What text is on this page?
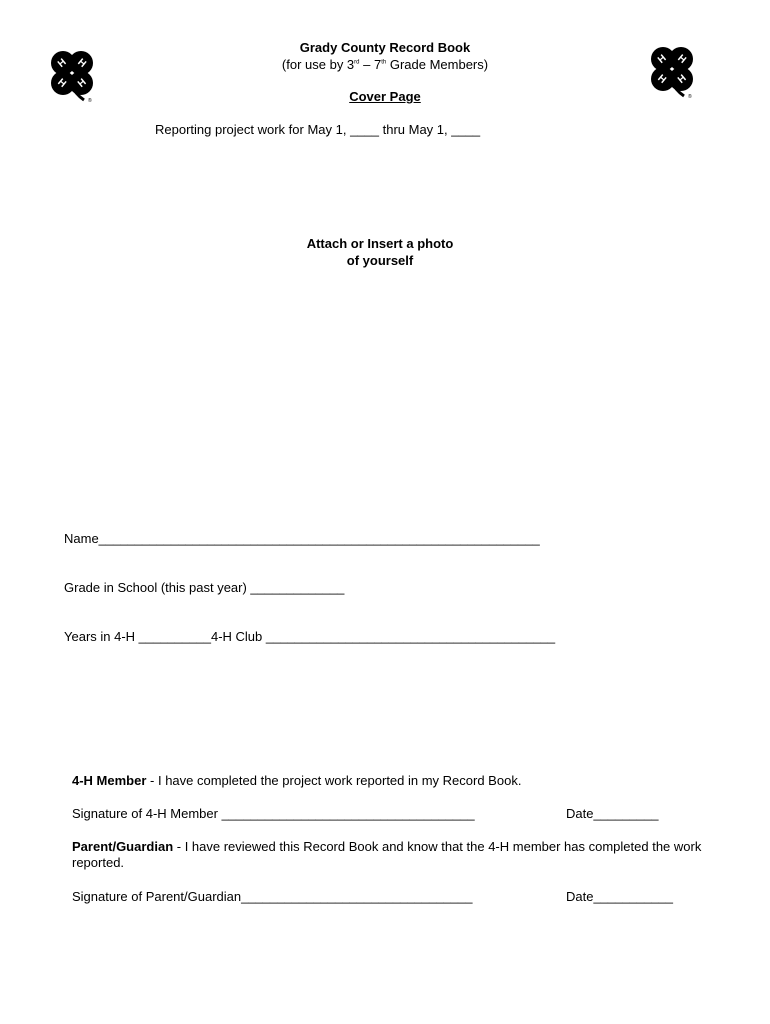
H H
H H
®
H H
H H
®
Grady County Record Book
(for use by 3rd – 7th Grade Members)
Cover Page
Reporting project work for May 1, ____ thru May 1, ____
Attach or Insert a photo
of yourself
Name_____________________________________________________________
Grade in School (this past year) _____________
Years in 4-H __________4-H Club ________________________________________
4-H Member - I have completed the project work reported in my Record Book.
Signature of 4-H Member ___________________________________	Date_________
Parent/Guardian - I have reviewed this Record Book and know that the 4-H member has completed the work reported.
Signature of Parent/Guardian________________________________	Date___________
